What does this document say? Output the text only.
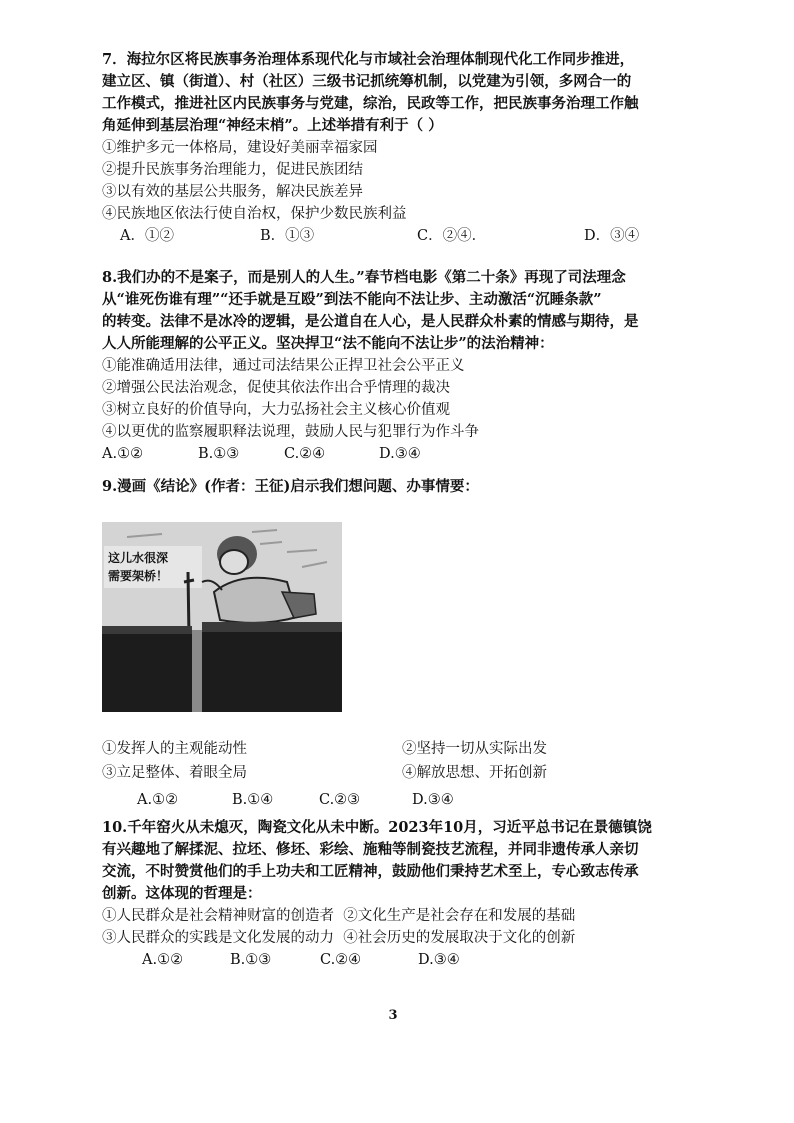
7．海拉尔区将民族事务治理体系现代化与市域社会治理体制现代化工作同步推进，
建立区、镇（街道）、村（社区）三级书记抓统筹机制，以党建为引领，多网合一的
工作模式，推进社区内民族事务与党建，综治，民政等工作，把民族事务治理工作触
角延伸到基层治理“神经末梢”。上述举措有利于（ ）
①维护多元一体格局，建设好美丽幸福家园
②提升民族事务治理能力，促进民族团结
③以有效的基层公共服务，解决民族差异
④民族地区依法行使自治权，保护少数民族利益
A．①②	B．①③	C．②④．	D．③④
8.我们办的不是案子，而是别人的人生。”春节档电影《第二十条》再现了司法理念
从“谁死伤谁有理”“还手就是互殴”到法不能向不法让步、主动激活“沉睡条款”
的转变。法律不是冰冷的逻辑，是公道自在人心，是人民群众朴素的情感与期待，是
人人所能理解的公平正义。坚决捍卫“法不能向不法让步”的法治精神：
①能准确适用法律，通过司法结果公正捍卫社会公平正义
②增强公民法治观念，促使其依法作出合乎情理的裁决
③树立良好的价值导向，大力弘扬社会主义核心价值观
④以更优的监察履职释法说理，鼓励人民与犯罪行为作斗争
A.①②	B.①③	C.②④	D.③④
9.漫画《结论》(作者：王征)启示我们想问题、办事情要：
这儿水很深
需要架桥！
①发挥人的主观能动性	②坚持一切从实际出发
③立足整体、着眼全局	④解放思想、开拓创新
A.①②	B.①④	C.②③	D.③④
10.千年窑火从未熄灭，陶瓷文化从未中断。2023年10月，习近平总书记在景德镇饶
有兴趣地了解揉泥、拉坯、修坯、彩绘、施釉等制瓷技艺流程，并同非遗传承人亲切
交流，不时赞赏他们的手上功夫和工匠精神，鼓励他们秉持艺术至上，专心致志传承
创新。这体现的哲理是：
①人民群众是社会精神财富的创造者 ②文化生产是社会存在和发展的基础
③人民群众的实践是文化发展的动力 ④社会历史的发展取决于文化的创新
A.①②	B.①③	C.②④	D.③④
3
